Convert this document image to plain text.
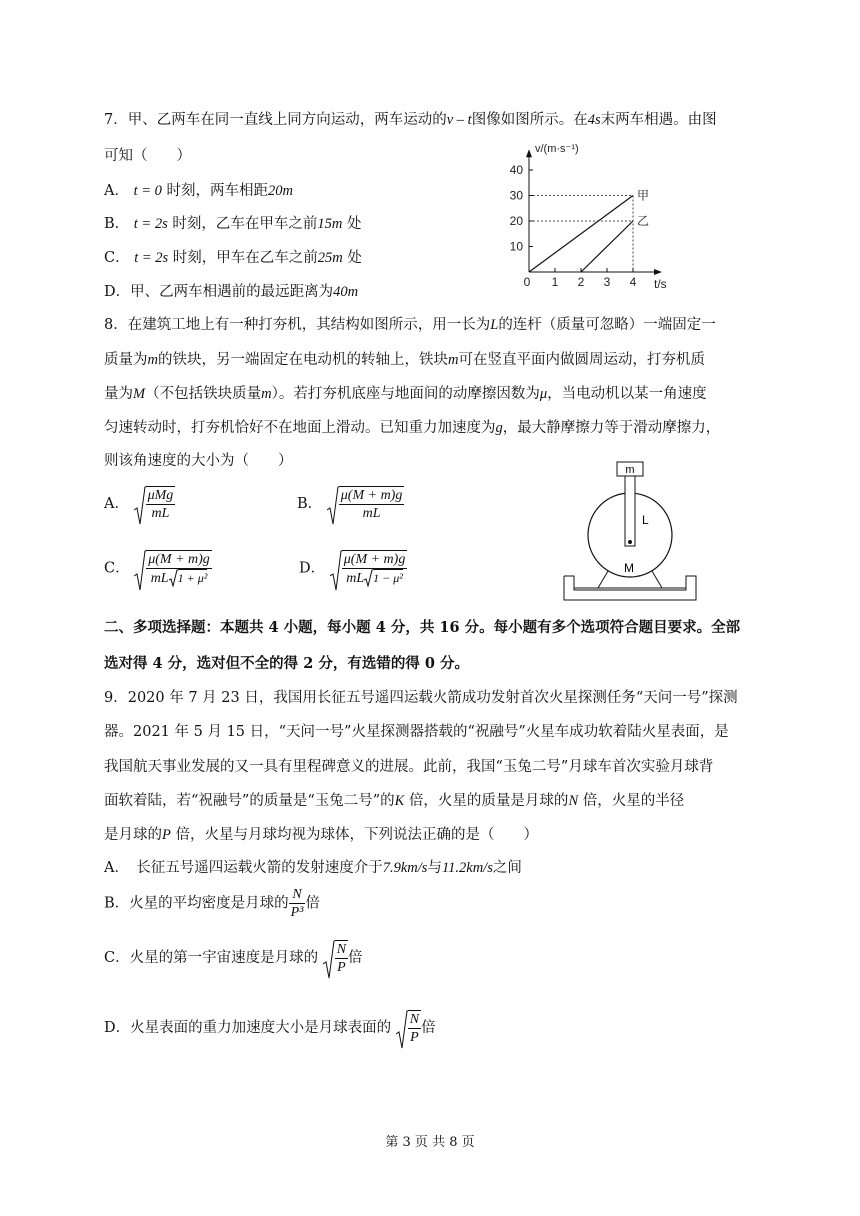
7．甲、乙两车在同一直线上同方向运动，两车运动的v – t图像如图所示。在4s末两车相遇。由图
可知（　　）
A． t = 0 时刻，两车相距20m
B． t = 2s 时刻，乙车在甲车之前15m 处
C． t = 2s 时刻，甲车在乙车之前25m 处
D．甲、乙两车相遇前的最远距离为40m
10
20
30
40
0 1 2 3 4
甲
乙
v/(m·s⁻¹)
t/s
8．在建筑工地上有一种打夯机，其结构如图所示，用一长为L的连杆（质量可忽略）一端固定一
质量为m的铁块，另一端固定在电动机的转轴上，铁块m可在竖直平面内做圆周运动，打夯机质
量为M（不包括铁块质量m）。若打夯机底座与地面间的动摩擦因数为μ，当电动机以某一角速度
匀速转动时，打夯机恰好不在地面上滑动。已知重力加速度为g，最大静摩擦力等于滑动摩擦力，
则该角速度的大小为（　　）
A． $\frac{\text{μMg}}{mL}$	B． $\frac{\mu(M + m)g}{mL}$
C． $\frac{\mu(M + m)g}{\text{mL 1 + μ²}}$	D． $\frac{\mu(M + m)g}{\text{mL 1 − μ²}}$
m
L
M
二、多项选择题：本题共 4 小题，每小题 4 分，共 16 分。每小题有多个选项符合题目要求。全部
选对得 4 分，选对但不全的得 2 分，有选错的得 0 分。
9．2020 年 7 月 23 日，我国用长征五号遥四运载火箭成功发射首次火星探测任务“天问一号”探测
器。2021 年 5 月 15 日，“天问一号”火星探测器搭载的“祝融号”火星车成功软着陆火星表面，是
我国航天事业发展的又一具有里程碑意义的进展。此前，我国“玉兔二号”月球车首次实验月球背
面软着陆，若“祝融号”的质量是“玉兔二号”的K 倍，火星的质量是月球的N 倍，火星的半径
是月球的P 倍，火星与月球均视为球体，下列说法正确的是（　　）
A．　长征五号遥四运载火箭的发射速度介于7.9km/s与11.2km/s之间
B．火星的平均密度是月球的 $\frac{N}{\text{P³}}$ 倍
C．火星的第一宇宙速度是月球的 $\frac{N}{P}$ 倍
D．火星表面的重力加速度大小是月球表面的 $\frac{N}{P}$ 倍
第 3 页 共 8 页
